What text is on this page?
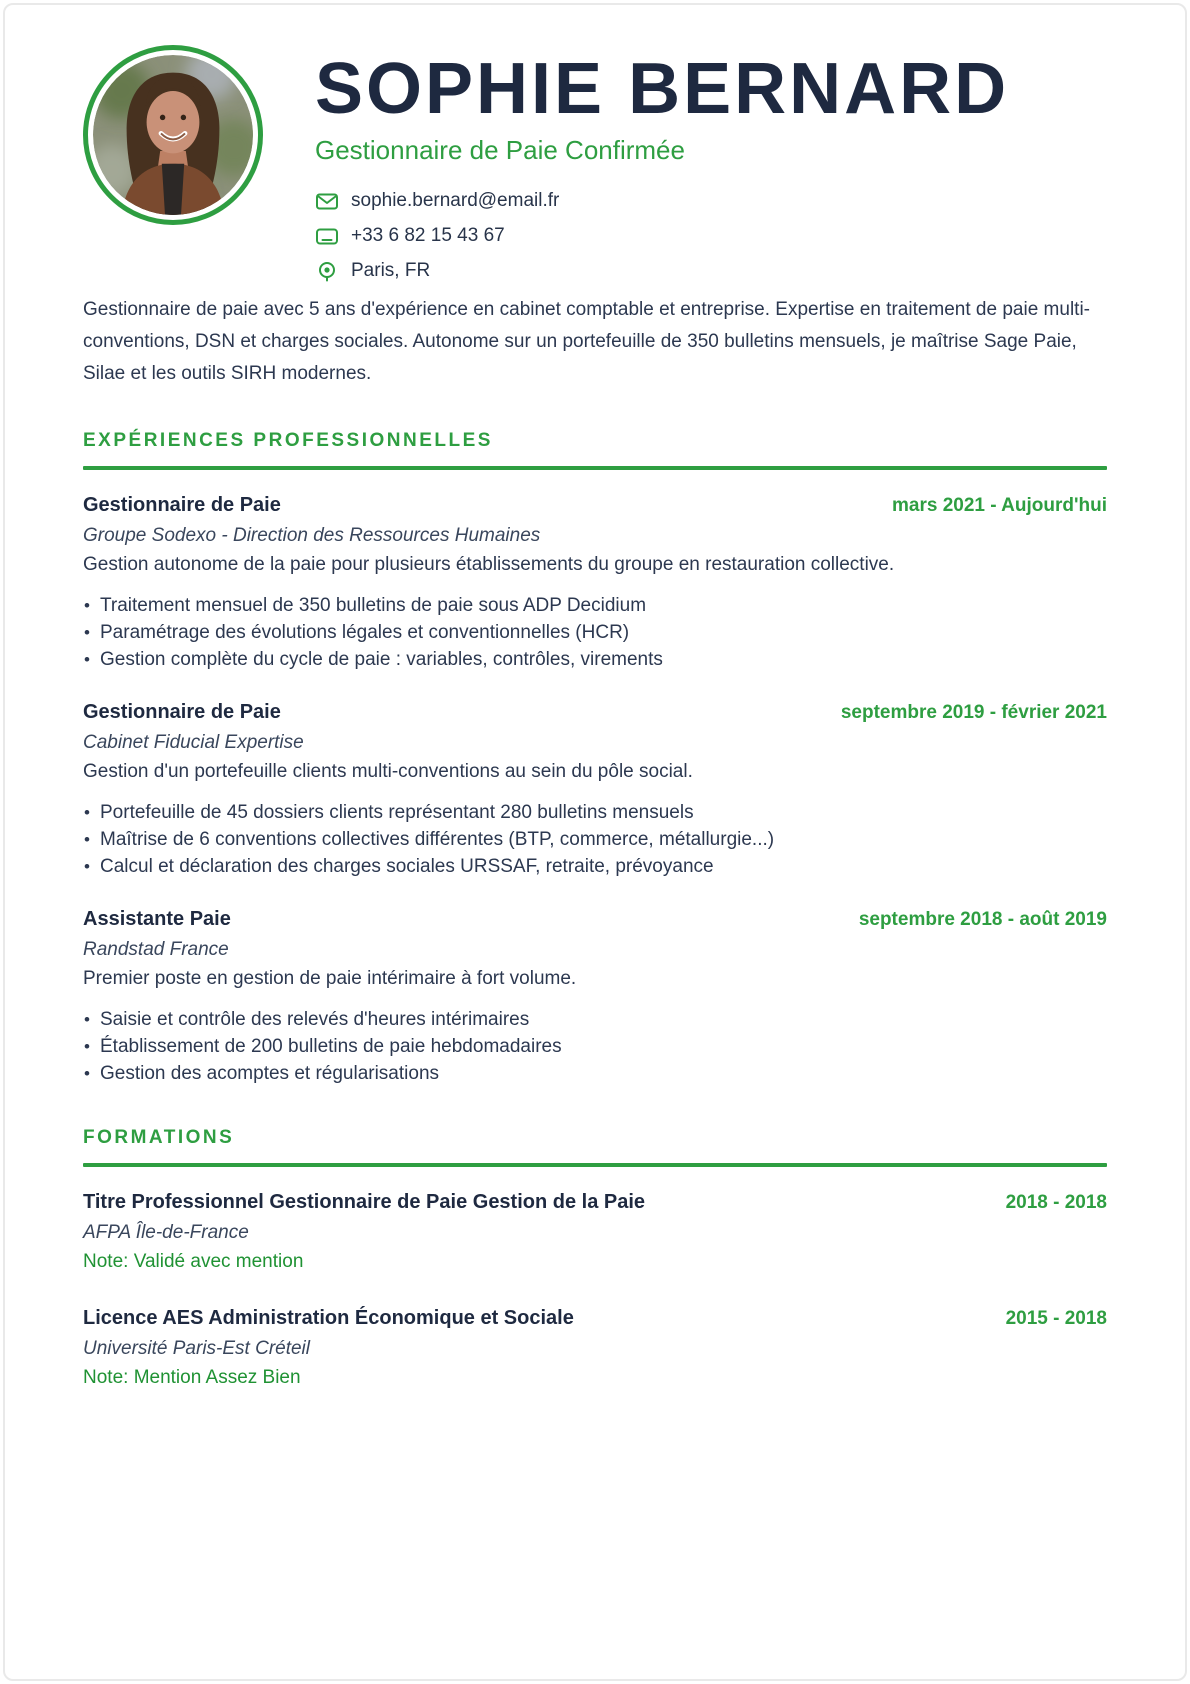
SOPHIE BERNARD
Gestionnaire de Paie Confirmée
sophie.bernard@email.fr
+33 6 82 15 43 67
Paris, FR

Gestionnaire de paie avec 5 ans d'expérience en cabinet comptable et entreprise. Expertise en traitement de paie multi-conventions, DSN et charges sociales. Autonome sur un portefeuille de 350 bulletins mensuels, je maîtrise Sage Paie, Silae et les outils SIRH modernes.

EXPÉRIENCES PROFESSIONNELLES
Gestionnaire de Paie	mars 2021 - Aujourd'hui
Groupe Sodexo - Direction des Ressources Humaines

Gestion autonome de la paie pour plusieurs établissements du groupe en restauration collective.

• Traitement mensuel de 350 bulletins de paie sous ADP Decidium
• Paramétrage des évolutions légales et conventionnelles (HCR)
• Gestion complète du cycle de paie : variables, contrôles, virements
Gestionnaire de Paie	septembre 2019 - février 2021
Cabinet Fiducial Expertise

Gestion d'un portefeuille clients multi-conventions au sein du pôle social.

• Portefeuille de 45 dossiers clients représentant 280 bulletins mensuels
• Maîtrise de 6 conventions collectives différentes (BTP, commerce, métallurgie...)
• Calcul et déclaration des charges sociales URSSAF, retraite, prévoyance
Assistante Paie	septembre 2018 - août 2019
Randstad France

Premier poste en gestion de paie intérimaire à fort volume.

• Saisie et contrôle des relevés d'heures intérimaires
• Établissement de 200 bulletins de paie hebdomadaires
• Gestion des acomptes et régularisations
FORMATIONS
Titre Professionnel Gestionnaire de Paie Gestion de la Paie	2018 - 2018
AFPA Île-de-France
Note: Validé avec mention
Licence AES Administration Économique et Sociale	2015 - 2018
Université Paris-Est Créteil
Note: Mention Assez Bien
